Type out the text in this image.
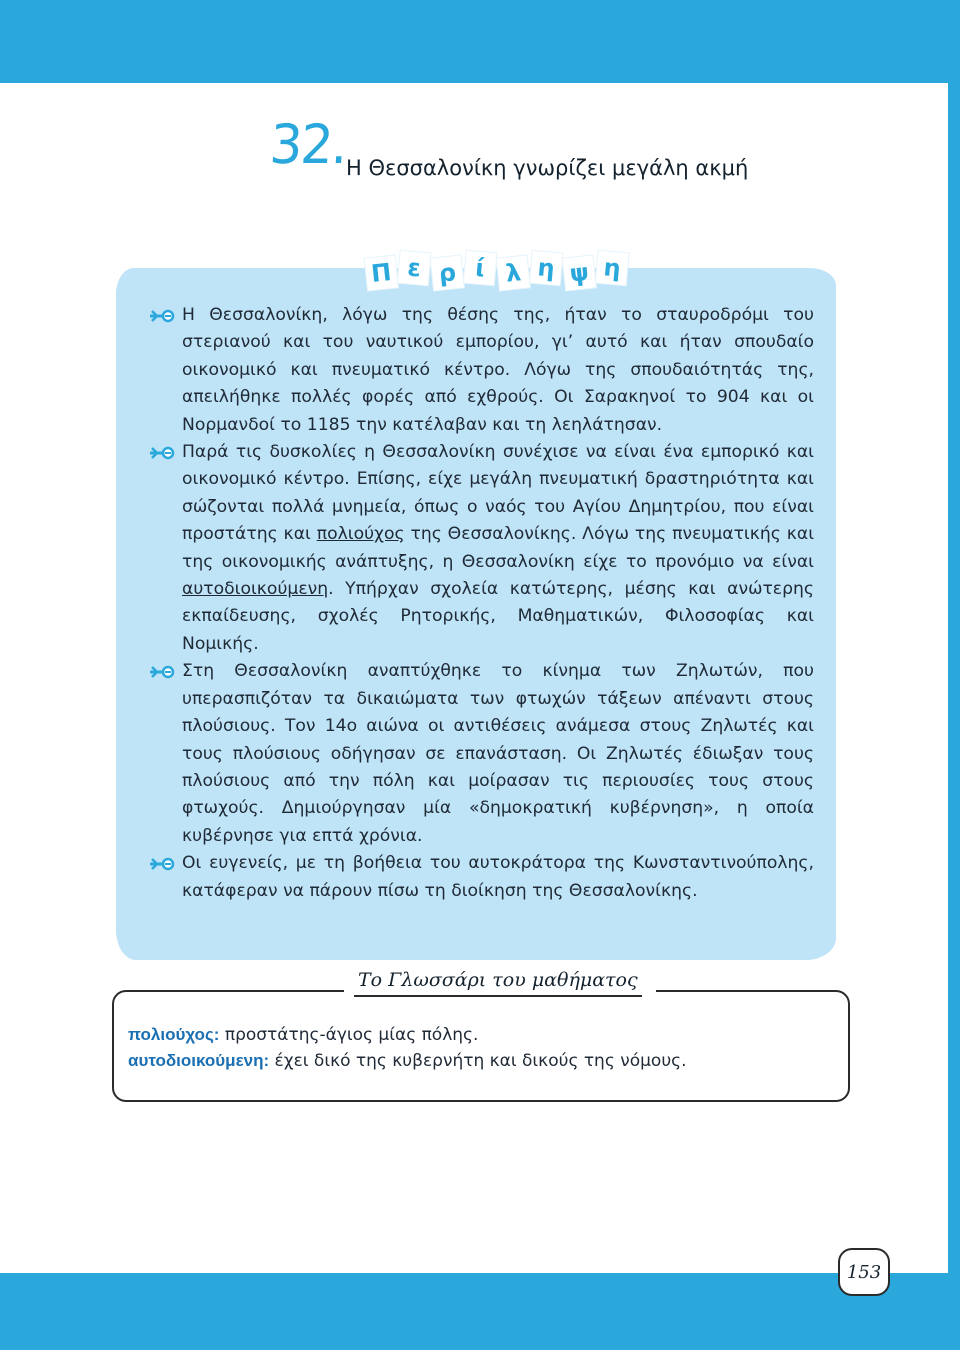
32.
Η Θεσσαλονίκη γνωρίζει μεγάλη ακμή
Π ε ρ ί λ η ψ η
Η Θεσσαλονίκη, λόγω της θέσης της, ήταν το σταυροδρόμι του στεριανού και του ναυτικού εμπορίου, γι’ αυτό και ήταν σπουδαίο οικονομικό και πνευματικό κέντρο. Λόγω της σπουδαιότητάς της, απειλήθηκε πολλές φορές από εχθρούς. Οι Σαρακηνοί το 904 και οι Νορμανδοί το 1185 την κατέλαβαν και τη λεηλάτησαν.
Παρά τις δυσκολίες η Θεσσαλονίκη συνέχισε να είναι ένα εμπορικό και οικονομικό κέντρο. Επίσης, είχε μεγάλη πνευματική δραστηριότητα και σώζονται πολλά μνημεία, όπως ο ναός του Αγίου Δημητρίου, που είναι προστάτης και πολιούχος της Θεσσαλονίκης. Λόγω της πνευματικής και της οικονομικής ανάπτυξης, η Θεσσαλονίκη είχε το προνόμιο να είναι αυτοδιοικούμενη. Υπήρχαν σχολεία κατώτερης, μέσης και ανώτερης εκπαίδευσης, σχολές Ρητορικής, Μαθηματικών, Φιλοσοφίας και Νομικής.
Στη Θεσσαλονίκη αναπτύχθηκε το κίνημα των Ζηλωτών, που υπερασπιζόταν τα δικαιώματα των φτωχών τάξεων απέναντι στους πλούσιους. Τον 14ο αιώνα οι αντιθέσεις ανάμεσα στους Ζηλωτές και τους πλούσιους οδήγησαν σε επανάσταση. Οι Ζηλωτές έδιωξαν τους πλούσιους από την πόλη και μοίρασαν τις περιουσίες τους στους φτωχούς. Δημιούργησαν μία «δημοκρατική κυβέρνηση», η οποία κυβέρνησε για επτά χρόνια.
Οι ευγενείς, με τη βοήθεια του αυτοκράτορα της Κωνσταντινούπολης, κατάφεραν να πάρουν πίσω τη διοίκηση της Θεσσαλονίκης.
Το Γλωσσάρι του μαθήματος
πολιούχος: προστάτης-άγιος μίας πόλης.
αυτοδιοικούμενη: έχει δικό της κυβερνήτη και δικούς της νόμους.
153
